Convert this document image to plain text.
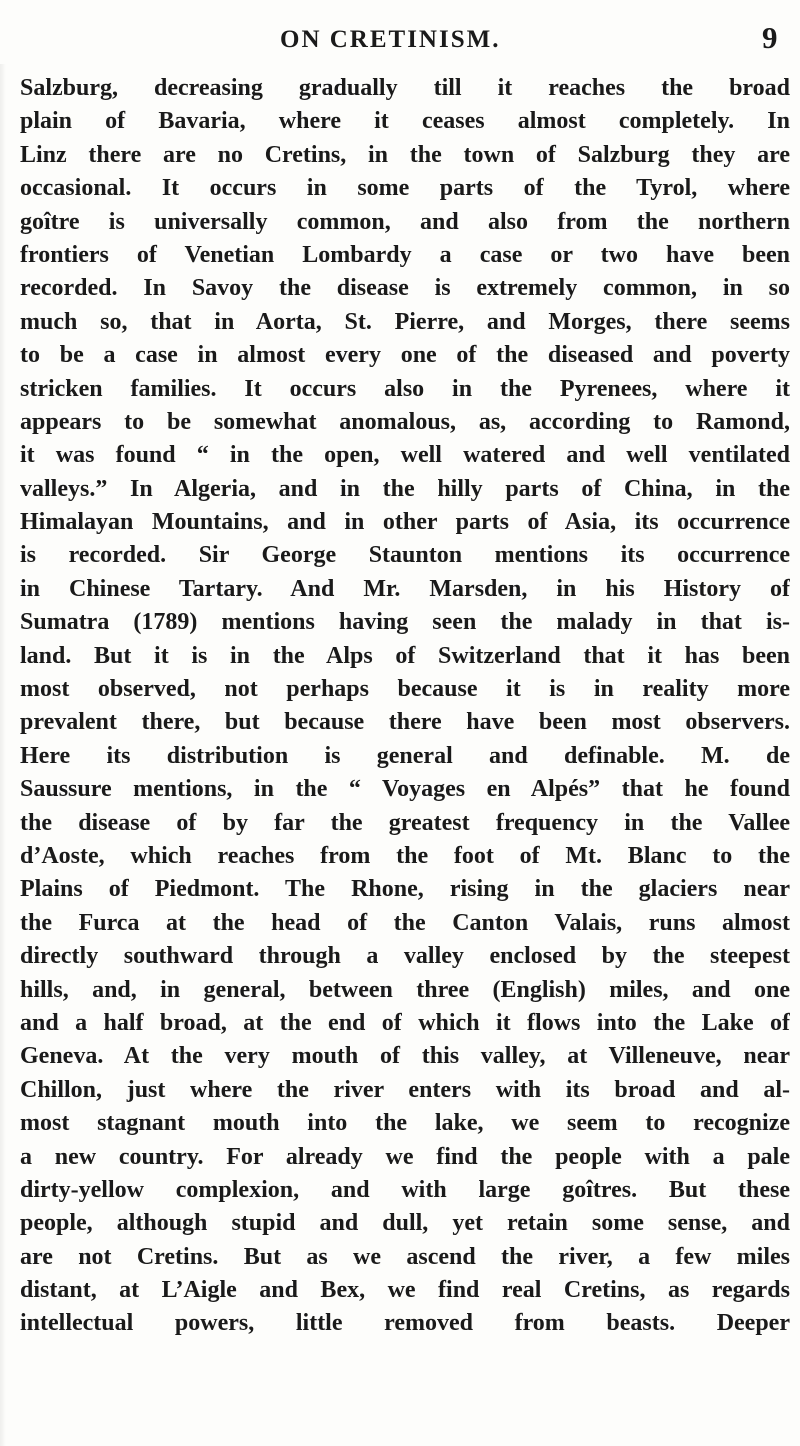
ON CRETINISM.	9
Salzburg, decreasing gradually till it reaches the broad
plain of Bavaria, where it ceases almost completely. In
Linz there are no Cretins, in the town of Salzburg they are
occasional. It occurs in some parts of the Tyrol, where
goître is universally common, and also from the northern
frontiers of Venetian Lombardy a case or two have been
recorded. In Savoy the disease is extremely common, in so
much so, that in Aorta, St. Pierre, and Morges, there seems
to be a case in almost every one of the diseased and poverty
stricken families. It occurs also in the Pyrenees, where it
appears to be somewhat anomalous, as, according to Ramond,
it was found “ in the open, well watered and well ventilated
valleys.” In Algeria, and in the hilly parts of China, in the
Himalayan Mountains, and in other parts of Asia, its occurrence
is recorded. Sir George Staunton mentions its occurrence
in Chinese Tartary. And Mr. Marsden, in his History of
Sumatra (1789) mentions having seen the malady in that is-
land. But it is in the Alps of Switzerland that it has been
most observed, not perhaps because it is in reality more
prevalent there, but because there have been most observers.
Here its distribution is general and definable. M. de
Saussure mentions, in the “ Voyages en Alpés” that he found
the disease of by far the greatest frequency in the Vallee
d’Aoste, which reaches from the foot of Mt. Blanc to the
Plains of Piedmont. The Rhone, rising in the glaciers near
the Furca at the head of the Canton Valais, runs almost
directly southward through a valley enclosed by the steepest
hills, and, in general, between three (English) miles, and one
and a half broad, at the end of which it flows into the Lake of
Geneva. At the very mouth of this valley, at Villeneuve, near
Chillon, just where the river enters with its broad and al-
most stagnant mouth into the lake, we seem to recognize
a new country. For already we find the people with a pale
dirty-yellow complexion, and with large goîtres. But these
people, although stupid and dull, yet retain some sense, and
are not Cretins. But as we ascend the river, a few miles
distant, at L’Aigle and Bex, we find real Cretins, as regards
intellectual powers, little removed from beasts. Deeper
